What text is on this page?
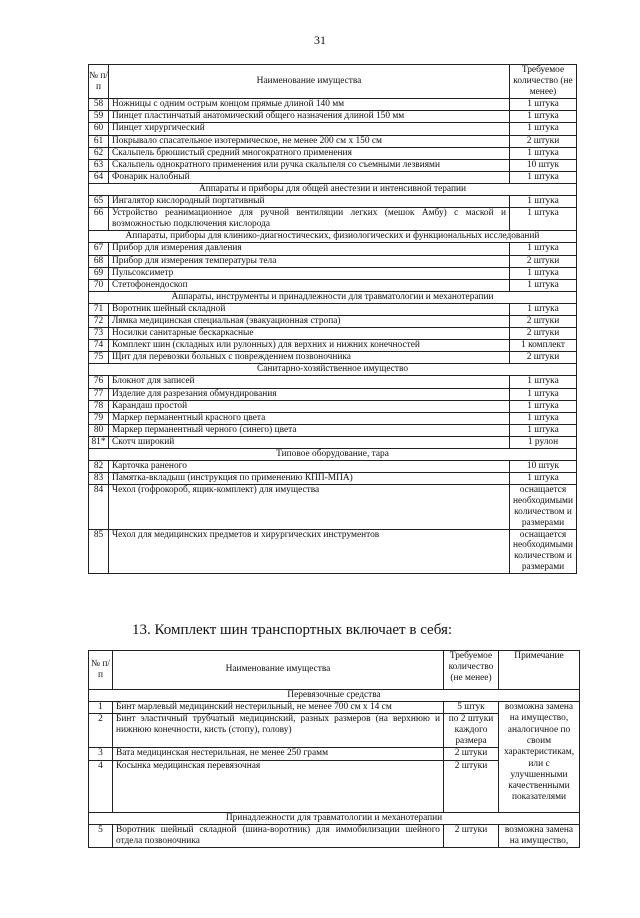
31
№ п/п	Наименование имущества	Требуемое количество (не менее)
58	Ножницы с одним острым концом прямые длиной 140 мм	1 штука
59	Пинцет пластинчатый анатомический общего назначения длиной 150 мм	1 штука
60	Пинцет хирургический	1 штука
61	Покрывало спасательное изотермическое, не менее 200 см х 150 см	2 штуки
62	Скальпель брюшистый средний многократного применения	1 штука
63	Скальпель однократного применения или ручка скальпеля со съемными лезвиями	10 штук
64	Фонарик налобный	1 штука
Аппараты и приборы для общей анестезии и интенсивной терапии		
65	Ингалятор кислородный портативный	1 штука
66	Устройство реанимационное для ручной вентиляции легких (мешок Амбу) с маской и возможностью подключения кислорода	1 штука
Аппараты, приборы для клинико-диагностических, физиологических и функциональных исследований		
67	Прибор для измерения давления	1 штука
68	Прибор для измерения температуры тела	2 штуки
69	Пульсоксиметр	1 штука
70	Стетофонендоскоп	1 штука
Аппараты, инструменты и принадлежности для травматологии и механотерапии		
71	Воротник шейный складной	1 штука
72	Лямка медицинская специальная (эвакуационная стропа)	2 штуки
73	Носилки санитарные бескаркасные	2 штуки
74	Комплект шин (складных или рулонных) для верхних и нижних конечностей	1 комплект
75	Щит для перевозки больных с повреждением позвоночника	2 штуки
Санитарно-хозяйственное имущество		
76	Блокнот для записей	1 штука
77	Изделие для разрезания обмундирования	1 штука
78	Карандаш простой	1 штука
79	Маркер перманентный красного цвета	1 штука
80	Маркер перманентный черного (синего) цвета	1 штука
81*	Скотч широкий	1 рулон
Типовое оборудование, тара		
82	Карточка раненого	10 штук
83	Памятка-вкладыш (инструкция по применению КПП-МПА)	1 штука
84	Чехол (гофрокороб, ящик-комплект) для имущества	оснащается необходимыми количеством и размерами
85	Чехол для медицинских предметов и хирургических инструментов	оснащается необходимыми количеством и размерами
13. Комплект шин транспортных включает в себя:
№ п/п	Наименование имущества	Требуемое количество (не менее)	Примечание
Перевязочные средства			
1	Бинт марлевый медицинский нестерильный, не менее 700 см х 14 см	5 штук	возможна замена на имущество, аналогичное по своим характеристикам, или с улучшенными качественными показателями
2	Бинт эластичный трубчатый медицинский, разных размеров (на верхнюю и нижнюю конечности, кисть (стопу), голову)	по 2 штуки каждого размера	
3	Вата медицинская нестерильная, не менее 250 грамм	2 штуки	
4	Косынка медицинская перевязочная	2 штуки	
Принадлежности для травматологии и механотерапии			
5	Воротник шейный складной (шина-воротник) для иммобилизации шейного отдела позвоночника	2 штуки	возможна замена на имущество,
